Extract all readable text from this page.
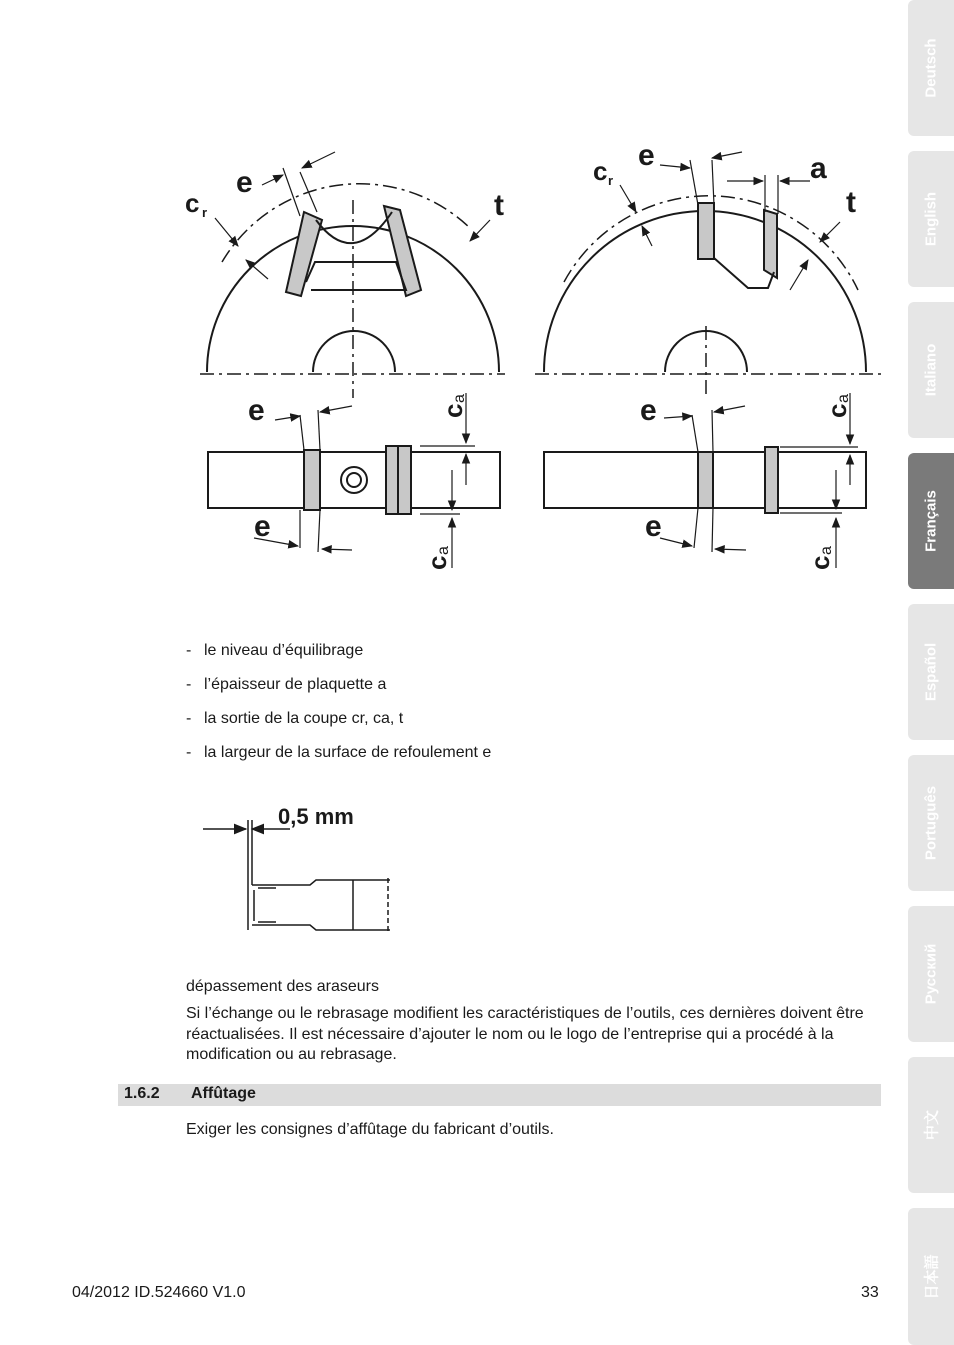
Deutsch
English
Italiano
Français
Español
Português
Русский
中文
日本語
e
c r	t
e
c r	a
t
e
e
e
e
c
a
c
a
c
a
c
a
- le niveau d’équilibrage
- l’épaisseur de plaquette a
- la sortie de la coupe cr, ca, t
- la largeur de la surface de refoulement e
0,5 mm
dépassement des araseurs
Si l’échange ou le rebrasage modifient les caractéristiques de l’outils, ces dernières doivent être réactualisées. Il est nécessaire d’ajouter le nom ou le logo de l’entreprise qui a procédé à la modification ou au rebrasage.
1.6.2 Affûtage
Exiger les consignes d’affûtage du fabricant d’outils.
04/2012 ID.524660 V1.0	33
